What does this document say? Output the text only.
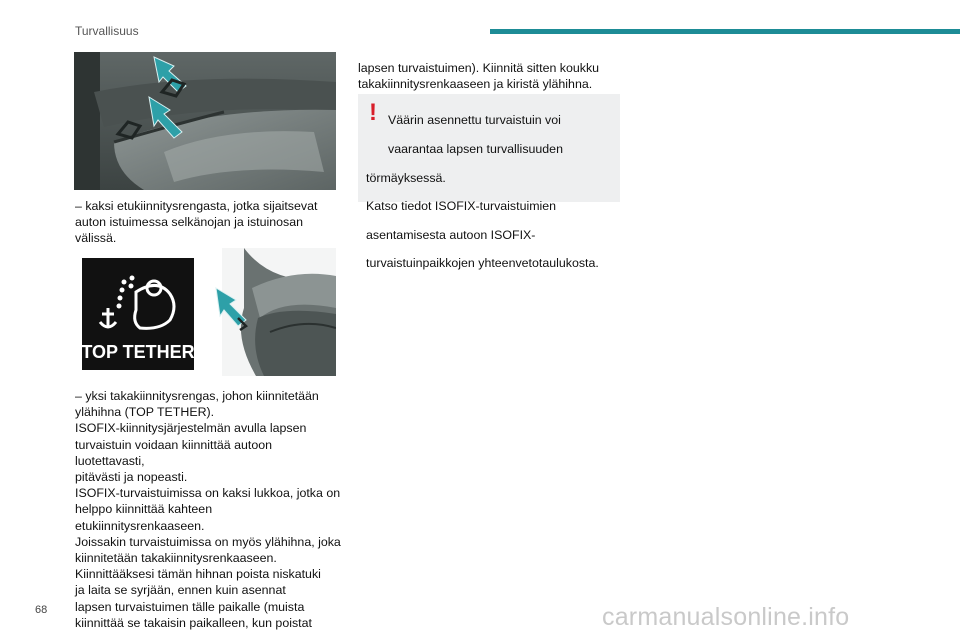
Turvallisuus

– kaksi etukiinnitysrengasta, jotka sijaitsevat

auton istuimessa selkänojan ja istuinosan

välissä.

TOP TETHER

– yksi takakiinnitysrengas, johon kiinnitetään

ylähihna (TOP TETHER).

ISOFIX-kiinnitysjärjestelmän avulla lapsen

turvaistuin voidaan kiinnittää autoon luotettavasti,

pitävästi ja nopeasti.

ISOFIX-turvaistuimissa on kaksi lukkoa, jotka on

helppo kiinnittää kahteen etukiinnitysrenkaaseen.

Joissakin turvaistuimissa on myös ylähihna, joka

kiinnitetään takakiinnitysrenkaaseen.

Kiinnittääksesi tämän hihnan poista niskatuki

ja laita se syrjään, ennen kuin asennat

lapsen turvaistuimen tälle paikalle (muista

kiinnittää se takaisin paikalleen, kun poistat

lapsen turvaistuimen). Kiinnitä sitten koukku

takakiinnitysrenkaaseen ja kiristä ylähihna.

! Väärin asennettu turvaistuin voi

vaarantaa lapsen turvallisuuden

törmäyksessä.

Katso tiedot ISOFIX-turvaistuimien

asentamisesta autoon ISOFIX-

turvaistuinpaikkojen yhteenvetotaulukosta.

68	carmanualsonline.info
